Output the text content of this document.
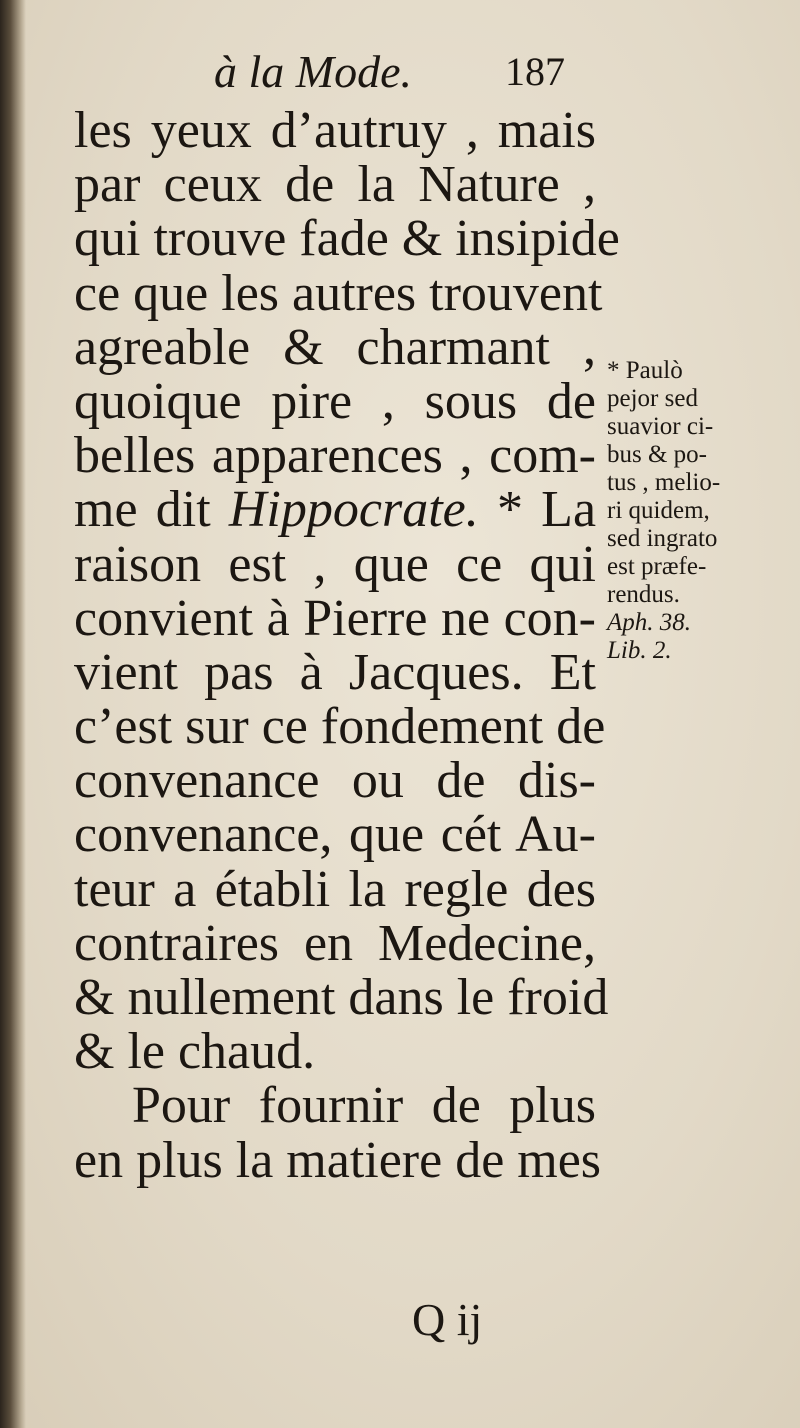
à la Mode. 187
les yeux d’autruy , mais
par ceux de la Nature ,
qui trouve fade & insipide
ce que les autres trouvent
agreable & charmant ,
quoique pire , sous de
belles apparences , com-
me dit Hippocrate. * La
raison est , que ce qui
convient à Pierre ne con-
vient pas à Jacques. Et
c’est sur ce fondement de
convenance ou de dis-
convenance, que cét Au-
teur a établi la regle des
contraires en Medecine,
& nullement dans le froid
& le chaud.
Pour fournir de plus
en plus la matiere de mes
* Paulò
pejor sed
suavior ci-
bus & po-
tus , melio-
ri quidem,
sed ingrato
est præfe-
rendus.
Aph. 38.
Lib. 2.
Q ij
